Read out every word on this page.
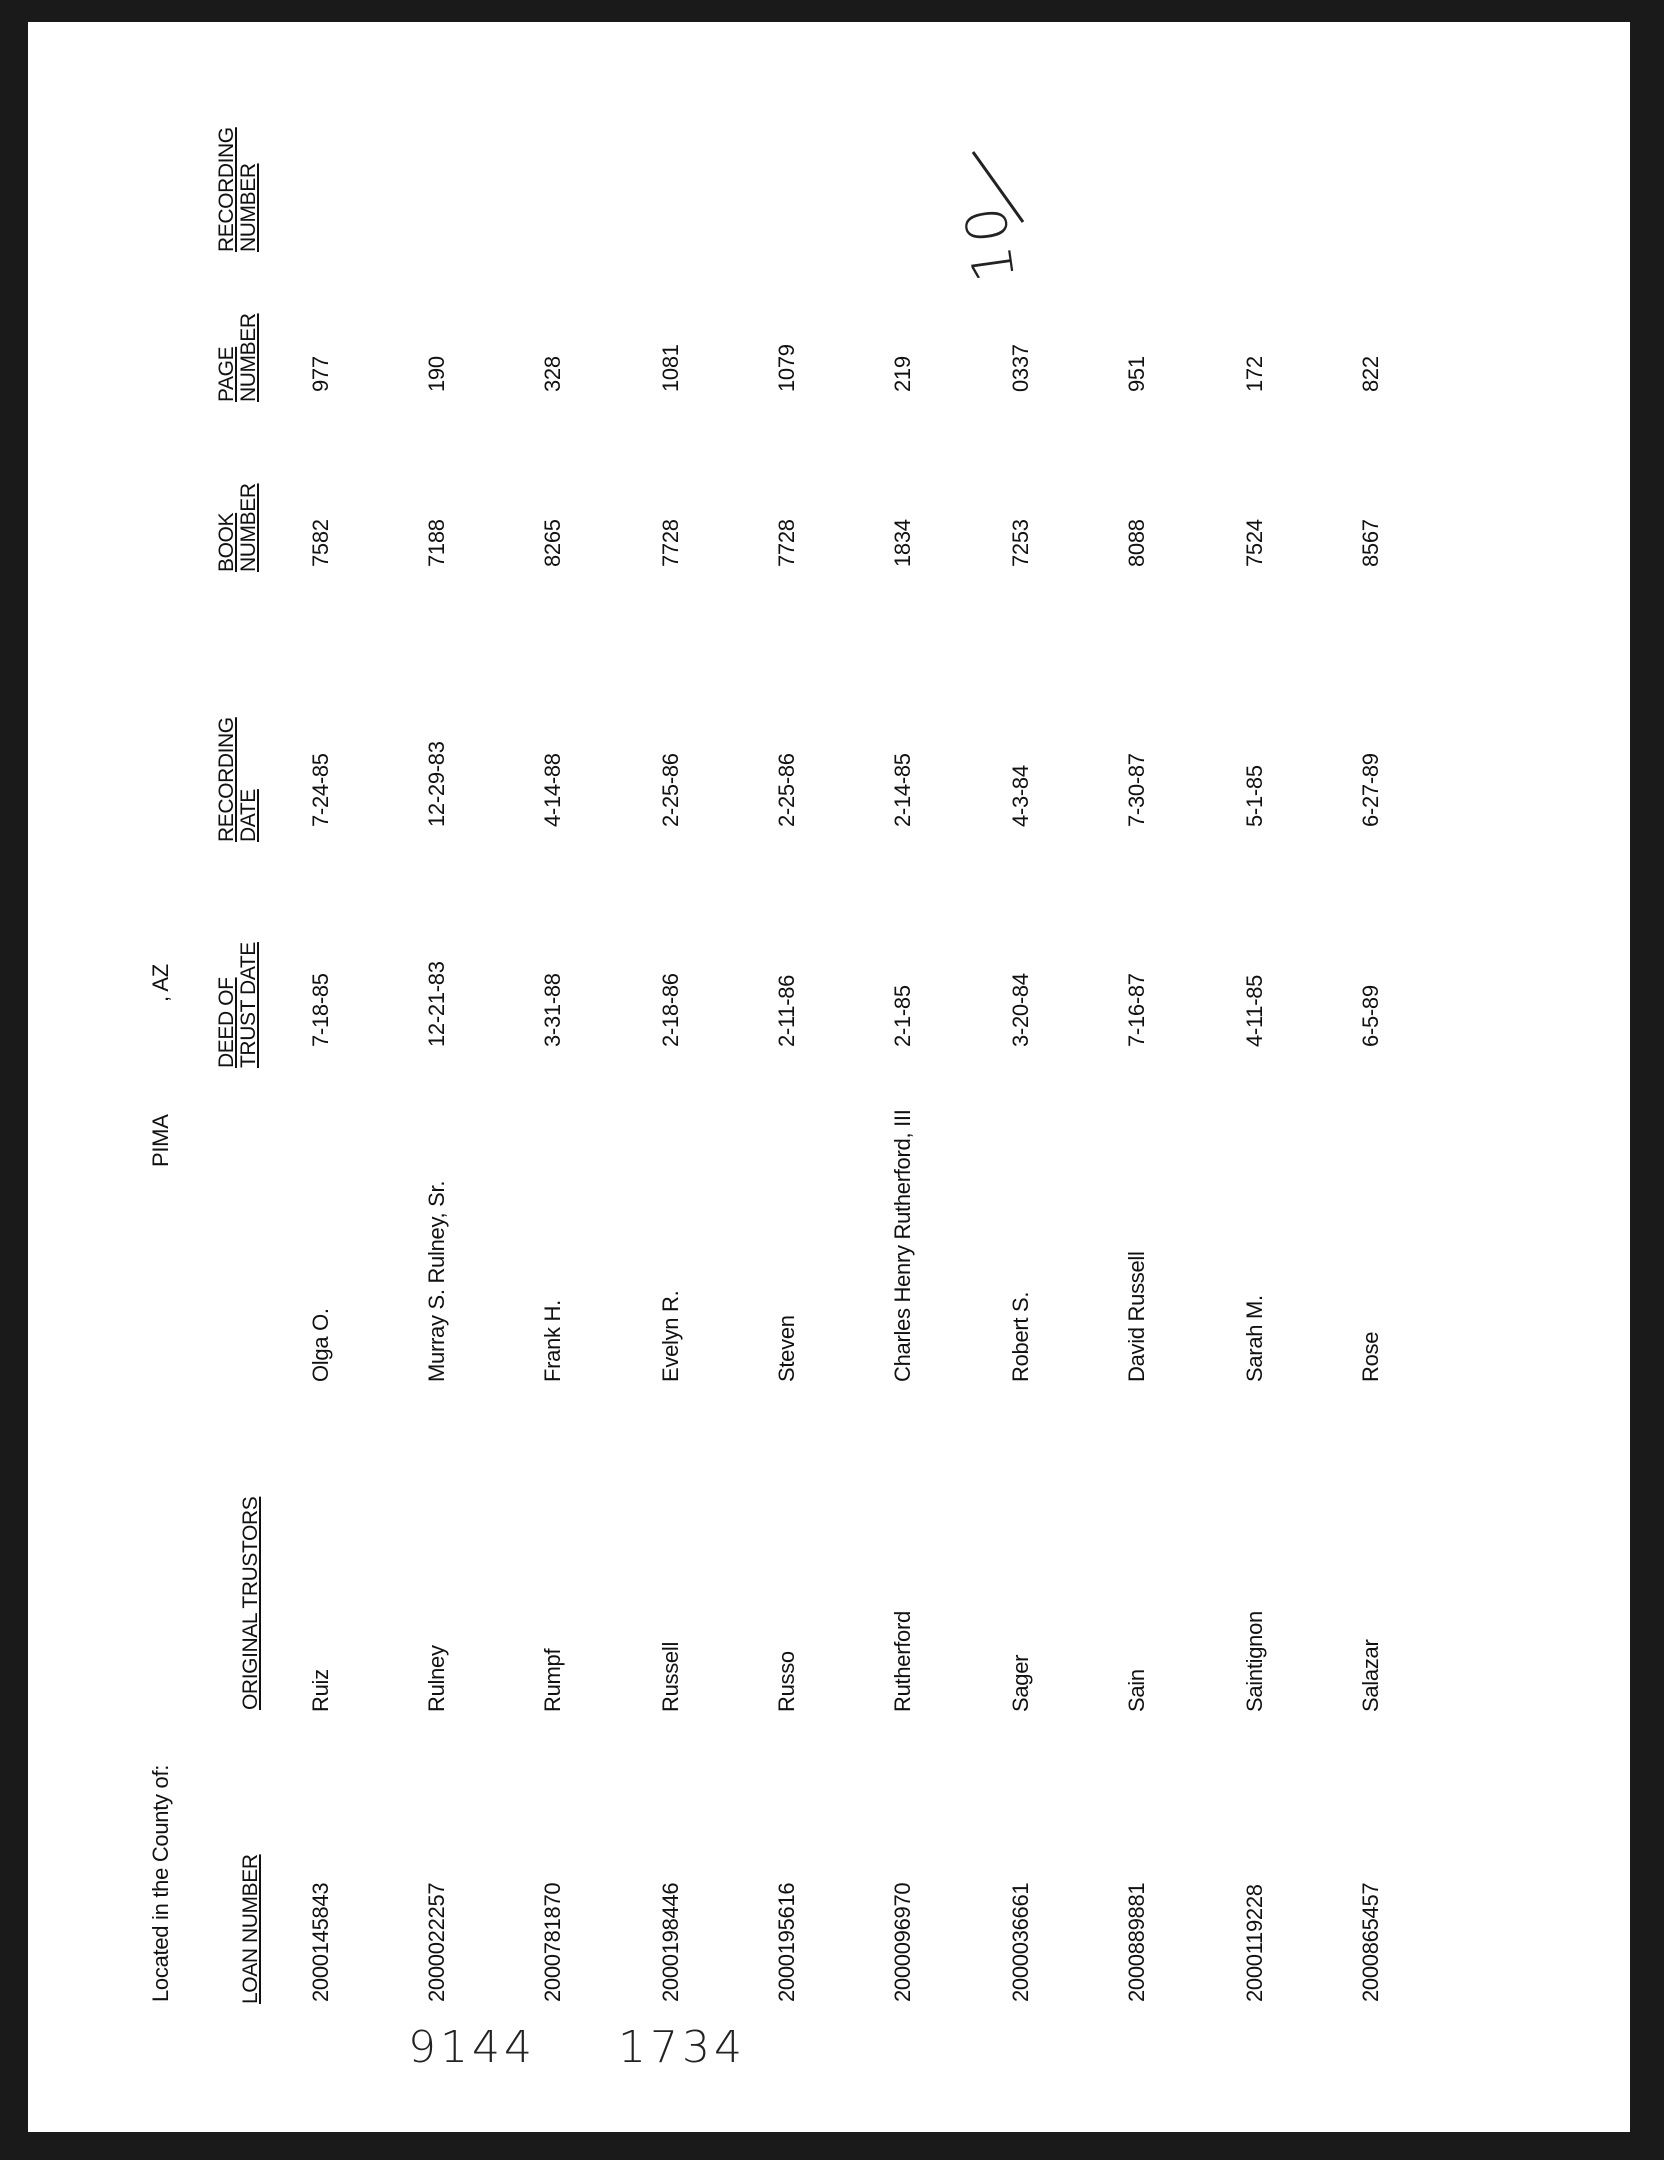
Located in the County of:
PIMA
, AZ
LOAN NUMBER
ORIGINAL TRUSTORS
DEED OF TRUST DATE
RECORDING DATE
BOOK NUMBER
PAGE NUMBER
RECORDING NUMBER
2000145843
Ruiz
Olga O.
7-18-85
7-24-85
7582
977
2000022257
Rulney
Murray S. Rulney, Sr.
12-21-83
12-29-83
7188
190
2000781870
Rumpf
Frank H.
3-31-88
4-14-88
8265
328
2000198446
Russell
Evelyn R.
2-18-86
2-25-86
7728
1081
2000195616
Russo
Steven
2-11-86
2-25-86
7728
1079
2000096970
Rutherford
Charles Henry Rutherford, III
2-1-85
2-14-85
1834
219
2000036661
Sager
Robert S.
3-20-84
4-3-84
7253
0337
2000889881
Sain
David Russell
7-16-87
7-30-87
8088
951
2000119228
Saintignon
Sarah M.
4-11-85
5-1-85
7524
172
2000865457
Salazar
Rose
6-5-89
6-27-89
8567
822
10
9144 1734
